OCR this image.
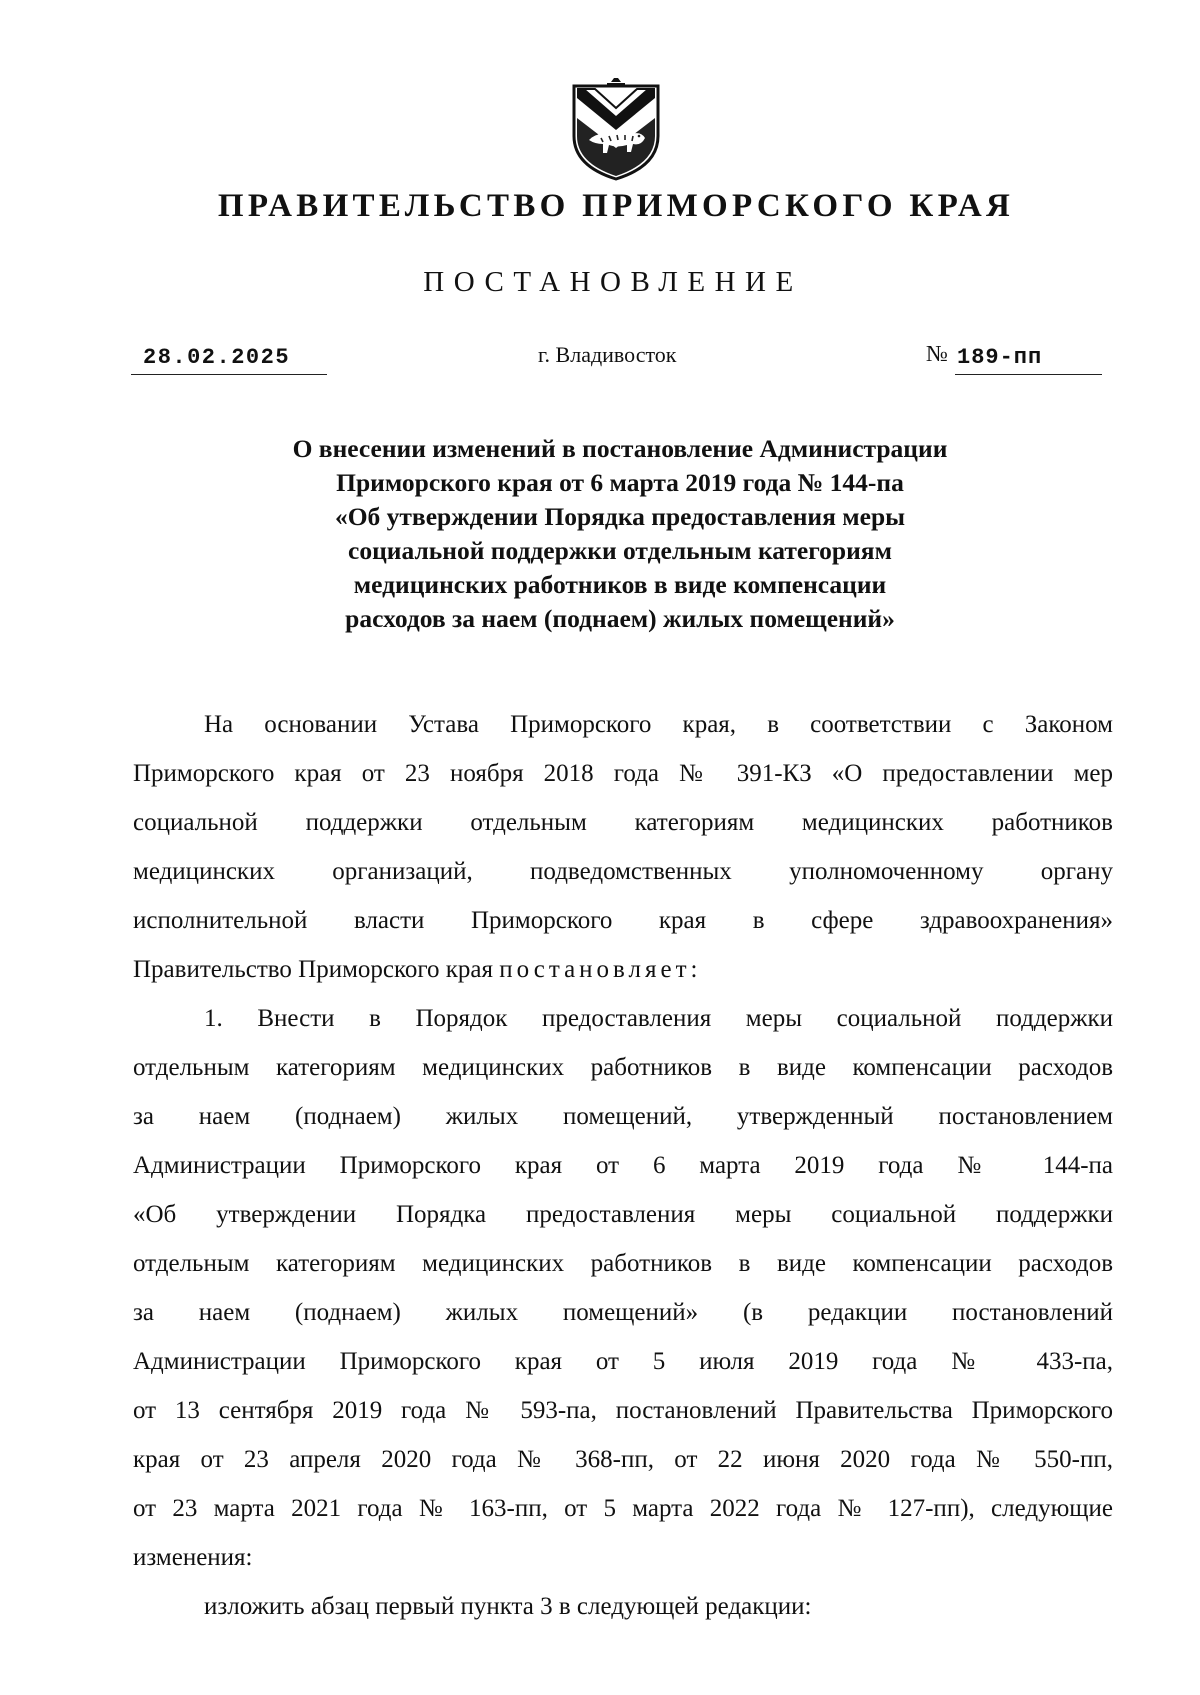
ПРАВИТЕЛЬСТВО ПРИМОРСКОГО КРАЯ
ПОСТАНОВЛЕНИЕ
28.02.2025	г. Владивосток	№ 189-пп
О внесении изменений в постановление Администрации
Приморского края от 6 марта 2019 года № 144-па
«Об утверждении Порядка предоставления меры
социальной поддержки отдельным категориям
медицинских работников в виде компенсации
расходов за наем (поднаем) жилых помещений»
На основании Устава Приморского края, в соответствии с Законом
Приморского края от 23 ноября 2018 года № 391-КЗ «О предоставлении мер
социальной поддержки отдельным категориям медицинских работников
медицинских организаций, подведомственных уполномоченному органу
исполнительной власти Приморского края в сфере здравоохранения»
Правительство Приморского края постановляет:
1. Внести в Порядок предоставления меры социальной поддержки
отдельным категориям медицинских работников в виде компенсации расходов
за наем (поднаем) жилых помещений, утвержденный постановлением
Администрации Приморского края от 6 марта 2019 года № 144-па
«Об утверждении Порядка предоставления меры социальной поддержки
отдельным категориям медицинских работников в виде компенсации расходов
за наем (поднаем) жилых помещений» (в редакции постановлений
Администрации Приморского края от 5 июля 2019 года № 433-па,
от 13 сентября 2019 года № 593-па, постановлений Правительства Приморского
края от 23 апреля 2020 года № 368-пп, от 22 июня 2020 года № 550-пп,
от 23 марта 2021 года № 163-пп, от 5 марта 2022 года № 127-пп), следующие
изменения:
изложить абзац первый пункта 3 в следующей редакции:
